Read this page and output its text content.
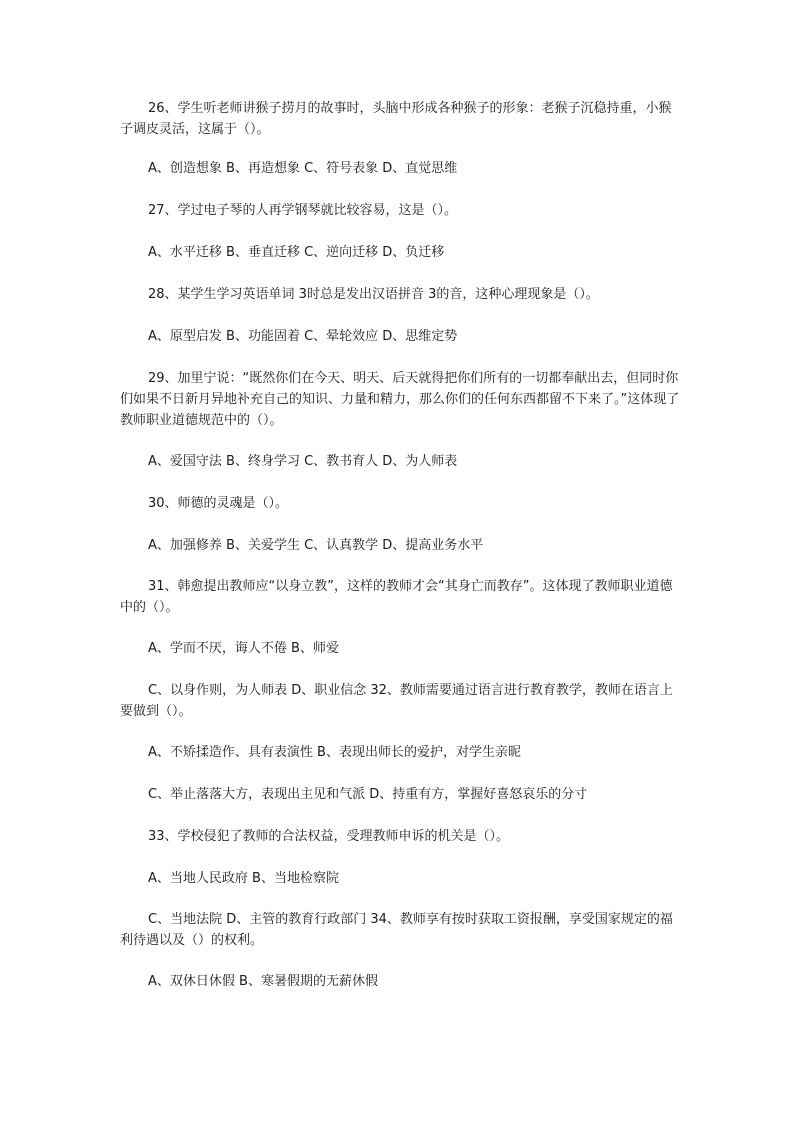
26、学生听老师讲猴子捞月的故事时，头脑中形成各种猴子的形象：老猴子沉稳持重，小猴子调皮灵活，这属于（）。

A、创造想象 B、再造想象 C、符号表象 D、直觉思维

27、学过电子琴的人再学钢琴就比较容易，这是（）。

A、水平迁移 B、垂直迁移 C、逆向迁移 D、负迁移

28、某学生学习英语单词 3时总是发出汉语拼音 3的音，这种心理现象是（）。

A、原型启发 B、功能固着 C、晕轮效应 D、思维定势

29、加里宁说：“既然你们在今天、明天、后天就得把你们所有的一切都奉献出去，但同时你们如果不日新月异地补充自己的知识、力量和精力，那么你们的任何东西都留不下来了。”这体现了教师职业道德规范中的（）。

A、爱国守法 B、终身学习 C、教书育人 D、为人师表

30、师德的灵魂是（）。

A、加强修养 B、关爱学生 C、认真教学 D、提高业务水平

31、韩愈提出教师应“以身立教”，这样的教师才会“其身亡而教存”。这体现了教师职业道德中的（）。

A、学而不厌，诲人不倦 B、师爱

C、以身作则，为人师表 D、职业信念 32、教师需要通过语言进行教育教学，教师在语言上要做到（）。

A、不矫揉造作、具有表演性 B、表现出师长的爱护，对学生亲昵

C、举止落落大方，表现出主见和气派 D、持重有方，掌握好喜怒哀乐的分寸

33、学校侵犯了教师的合法权益，受理教师申诉的机关是（）。

A、当地人民政府 B、当地检察院

C、当地法院 D、主管的教育行政部门 34、教师享有按时获取工资报酬，享受国家规定的福利待遇以及（）的权利。

A、双休日休假 B、寒暑假期的无薪休假
